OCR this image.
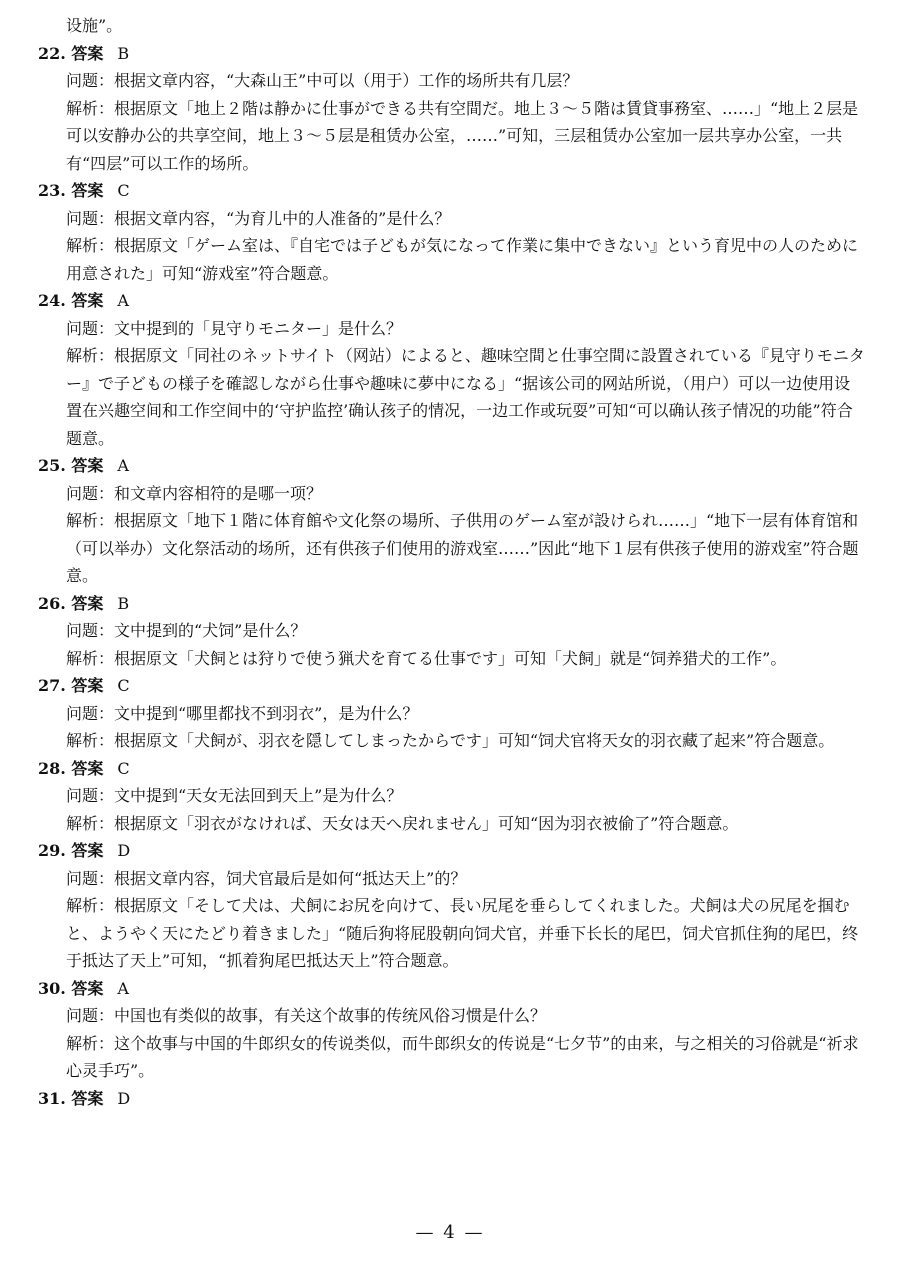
设施”。

22. 答案 B

问题：根据文章内容，“大森山王”中可以（用于）工作的场所共有几层？

解析：根据原文「地上２階は静かに仕事ができる共有空間だ。地上３～５階は賃貸事務室、……」“地上２层是可以安静办公的共享空间，地上３～５层是租赁办公室，……”可知，三层租赁办公室加一层共享办公室，一共有“四层”可以工作的场所。

23. 答案 C

问题：根据文章内容，“为育儿中的人准备的”是什么？

解析：根据原文「ゲーム室は、『自宅では子どもが気になって作業に集中できない』という育児中の人のために用意された」可知“游戏室”符合题意。

24. 答案 A

问题：文中提到的「見守りモニター」是什么？

解析：根据原文「同社のネットサイト（网站）によると、趣味空間と仕事空間に設置されている『見守りモニター』で子どもの様子を確認しながら仕事や趣味に夢中になる」“据该公司的网站所说，（用户）可以一边使用设置在兴趣空间和工作空间中的‘守护监控’确认孩子的情况，一边工作或玩耍”可知“可以确认孩子情况的功能”符合题意。

25. 答案 A

问题：和文章内容相符的是哪一项？

解析：根据原文「地下１階に体育館や文化祭の場所、子供用のゲーム室が設けられ……」“地下一层有体育馆和（可以举办）文化祭活动的场所，还有供孩子们使用的游戏室……”因此“地下１层有供孩子使用的游戏室”符合题意。

26. 答案 B

问题：文中提到的“犬饲”是什么？

解析：根据原文「犬飼とは狩りで使う猟犬を育てる仕事です」可知「犬飼」就是“饲养猎犬的工作”。

27. 答案 C

问题：文中提到“哪里都找不到羽衣”，是为什么？

解析：根据原文「犬飼が、羽衣を隠してしまったからです」可知“饲犬官将天女的羽衣藏了起来”符合题意。

28. 答案 C

问题：文中提到“天女无法回到天上”是为什么？

解析：根据原文「羽衣がなければ、天女は天へ戻れません」可知“因为羽衣被偷了”符合题意。

29. 答案 D

问题：根据文章内容，饲犬官最后是如何“抵达天上”的？

解析：根据原文「そして犬は、犬飼にお尻を向けて、長い尻尾を垂らしてくれました。犬飼は犬の尻尾を掴むと、ようやく天にたどり着きました」“随后狗将屁股朝向饲犬官，并垂下长长的尾巴，饲犬官抓住狗的尾巴，终于抵达了天上”可知，“抓着狗尾巴抵达天上”符合题意。

30. 答案 A

问题：中国也有类似的故事，有关这个故事的传统风俗习惯是什么？

解析：这个故事与中国的牛郎织女的传说类似，而牛郎织女的传说是“七夕节”的由来，与之相关的习俗就是“祈求心灵手巧”。

31. 答案 D

— 4 —
